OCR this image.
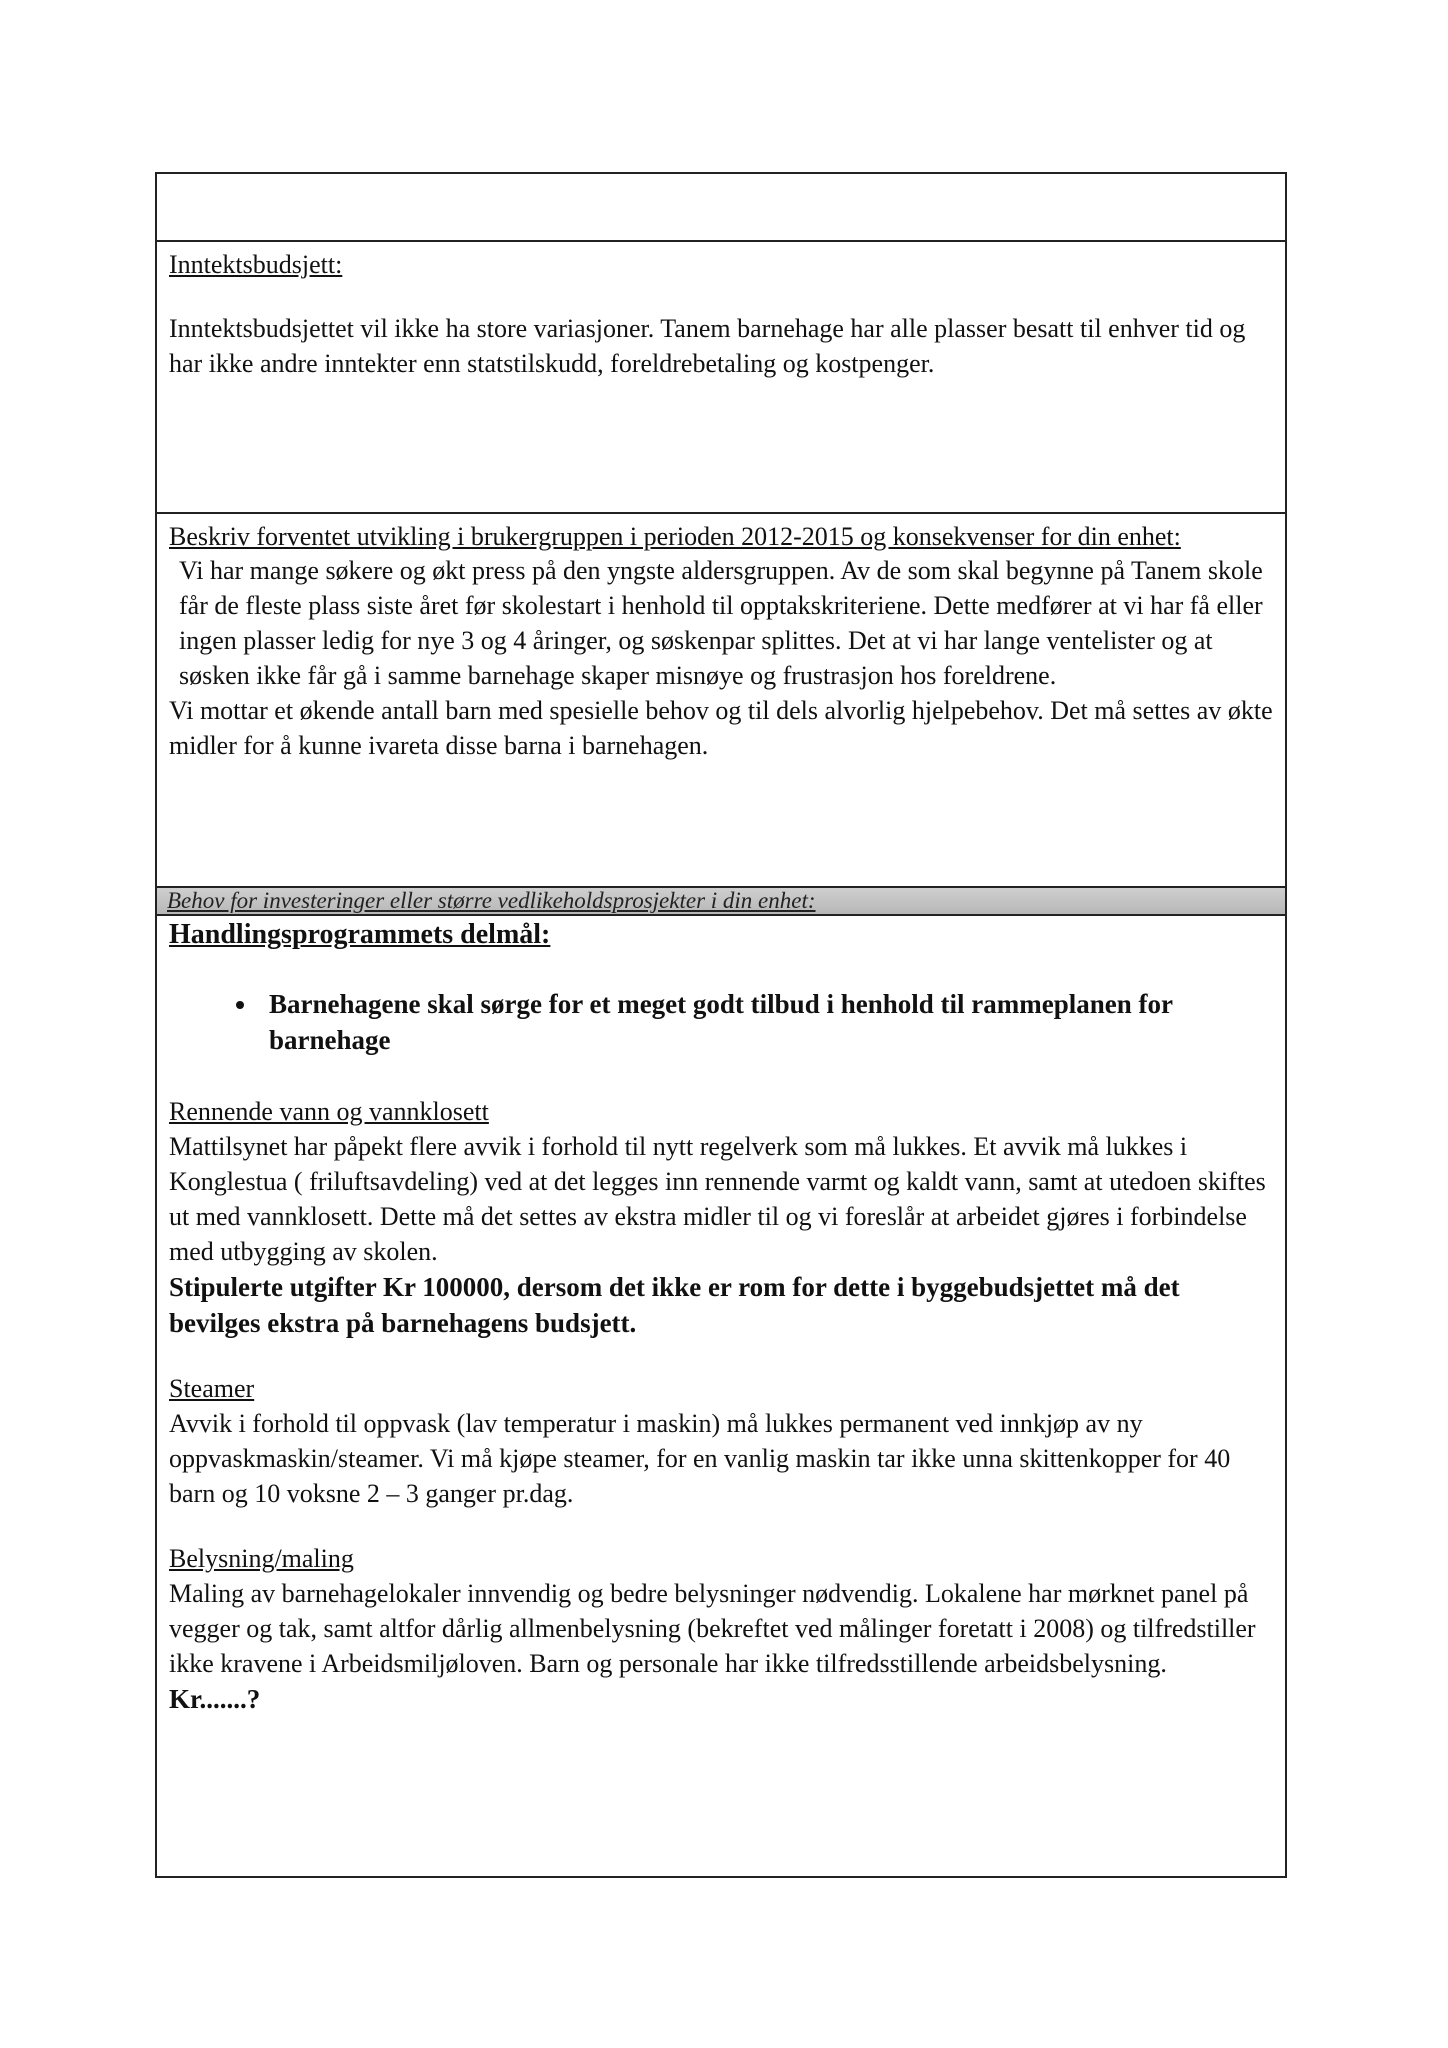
Inntektsbudsjett:

Inntektsbudsjettet vil ikke ha store variasjoner. Tanem barnehage har alle plasser besatt til enhver tid og har ikke andre inntekter enn statstilskudd, foreldrebetaling og kostpenger.

Beskriv forventet utvikling i brukergruppen i perioden 2012-2015 og konsekvenser for din enhet:

Vi har mange søkere og økt press på den yngste aldersgruppen. Av de som skal begynne på Tanem skole får de fleste plass siste året før skolestart i henhold til opptakskriteriene. Dette medfører at vi har få eller ingen plasser ledig for nye 3 og 4 åringer, og søskenpar splittes. Det at vi har lange ventelister og at søsken ikke får gå i samme barnehage skaper misnøye og frustrasjon hos foreldrene.

Vi mottar et økende antall barn med spesielle behov og til dels alvorlig hjelpebehov. Det må settes av økte midler for å kunne ivareta disse barna i barnehagen.

Behov for investeringer eller større vedlikeholdsprosjekter i din enhet:
Handlingsprogrammets delmål:
• Barnehagene skal sørge for et meget godt tilbud i henhold til rammeplanen for barnehage

Rennende vann og vannklosett

Mattilsynet har påpekt flere avvik i forhold til nytt regelverk som må lukkes. Et avvik må lukkes i Konglestua ( friluftsavdeling) ved at det legges inn rennende varmt og kaldt vann, samt at utedoen skiftes ut med vannklosett. Dette må det settes av ekstra midler til og vi foreslår at arbeidet gjøres i forbindelse med utbygging av skolen.

Stipulerte utgifter Kr 100000, dersom det ikke er rom for dette i byggebudsjettet må det bevilges ekstra på barnehagens budsjett.

Steamer

Avvik i forhold til oppvask (lav temperatur i maskin) må lukkes permanent ved innkjøp av ny oppvaskmaskin/steamer. Vi må kjøpe steamer, for en vanlig maskin tar ikke unna skittenkopper for 40 barn og 10 voksne 2 – 3 ganger pr.dag.

Belysning/maling

Maling av barnehagelokaler innvendig og bedre belysninger nødvendig. Lokalene har mørknet panel på vegger og tak, samt altfor dårlig allmenbelysning (bekreftet ved målinger foretatt i 2008) og tilfredstiller ikke kravene i Arbeidsmiljøloven. Barn og personale har ikke tilfredsstillende arbeidsbelysning.

Kr.......?
